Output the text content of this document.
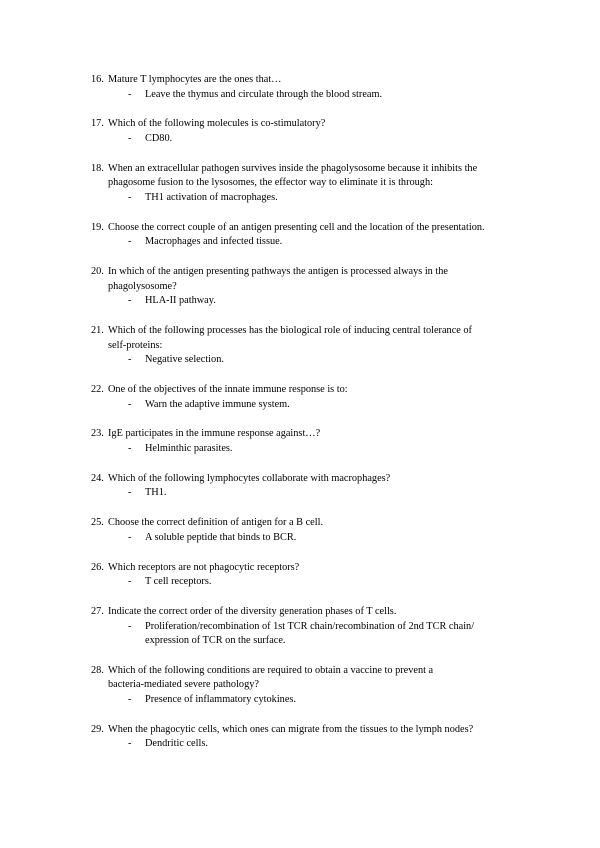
16. Mature T lymphocytes are the ones that…
- Leave the thymus and circulate through the blood stream.
17. Which of the following molecules is co-stimulatory?
- CD80.
18. When an extracellular pathogen survives inside the phagolysosome because it inhibits the
phagosome fusion to the lysosomes, the effector way to eliminate it is through:
- TH1 activation of macrophages.
19. Choose the correct couple of an antigen presenting cell and the location of the presentation.
- Macrophages and infected tissue.
20. In which of the antigen presenting pathways the antigen is processed always in the
phagolysosome?
- HLA-II pathway.
21. Which of the following processes has the biological role of inducing central tolerance of
self-proteins:
- Negative selection.
22. One of the objectives of the innate immune response is to:
- Warn the adaptive immune system.
23. IgE participates in the immune response against…?
- Helminthic parasites.
24. Which of the following lymphocytes collaborate with macrophages?
- TH1.
25. Choose the correct definition of antigen for a B cell.
- A soluble peptide that binds to BCR.
26. Which receptors are not phagocytic receptors?
- T cell receptors.
27. Indicate the correct order of the diversity generation phases of T cells.
- Proliferation/recombination of 1st TCR chain/recombination of 2nd TCR chain/
expression of TCR on the surface.
28. Which of the following conditions are required to obtain a vaccine to prevent a
bacteria-mediated severe pathology?
- Presence of inflammatory cytokines.
29. When the phagocytic cells, which ones can migrate from the tissues to the lymph nodes?
- Dendritic cells.
